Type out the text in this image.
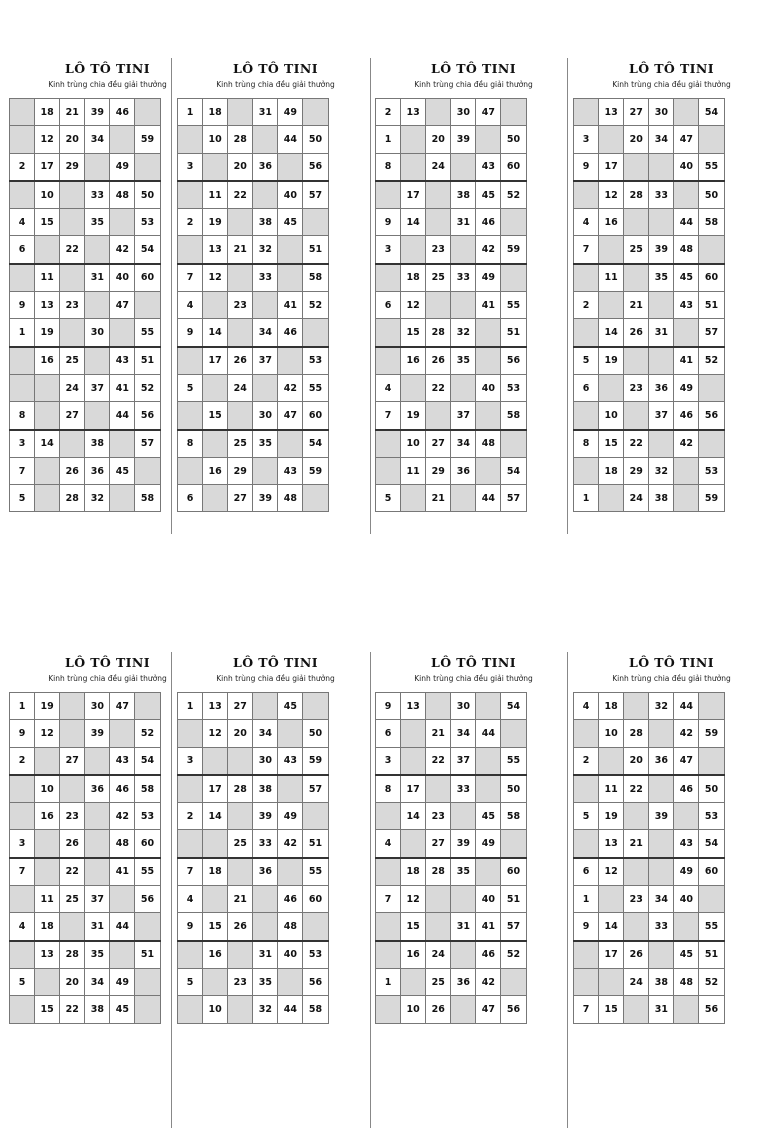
LÔ TÔ TINI
Kinh trùng chia đều giải thưởng
	18	21	39	46	
	12	20	34		59
2	17	29		49	
	10		33	48	50
4	15		35		53
6		22		42	54
	11		31	40	60
9	13	23		47	
1	19		30		55
	16	25		43	51
		24	37	41	52
8		27		44	56
3	14		38		57
7		26	36	45	
5		28	32		58
LÔ TÔ TINI
Kinh trùng chia đều giải thưởng
1	18		31	49	
	10	28		44	50
3		20	36		56
	11	22		40	57
2	19		38	45	
	13	21	32		51
7	12		33		58
4		23		41	52
9	14		34	46	
	17	26	37		53
5		24		42	55
	15		30	47	60
8		25	35		54
	16	29		43	59
6		27	39	48	
LÔ TÔ TINI
Kinh trùng chia đều giải thưởng
2	13		30	47	
1		20	39		50
8		24		43	60
	17		38	45	52
9	14		31	46	
3		23		42	59
	18	25	33	49	
6	12			41	55
	15	28	32		51
	16	26	35		56
4		22		40	53
7	19		37		58
	10	27	34	48	
	11	29	36		54
5		21		44	57
LÔ TÔ TINI
Kinh trùng chia đều giải thưởng
	13	27	30		54
3		20	34	47	
9	17			40	55
	12	28	33		50
4	16			44	58
7		25	39	48	
	11		35	45	60
2		21		43	51
	14	26	31		57
5	19			41	52
6		23	36	49	
	10		37	46	56
8	15	22		42	
	18	29	32		53
1		24	38		59
LÔ TÔ TINI
Kinh trùng chia đều giải thưởng
1	19		30	47	
9	12		39		52
2		27		43	54
	10		36	46	58
	16	23		42	53
3		26		48	60
7		22		41	55
	11	25	37		56
4	18		31	44	
	13	28	35		51
5		20	34	49	
	15	22	38	45	
LÔ TÔ TINI
Kinh trùng chia đều giải thưởng
1	13	27		45	
	12	20	34		50
3			30	43	59
	17	28	38		57
2	14		39	49	
		25	33	42	51
7	18		36		55
4		21		46	60
9	15	26		48	
	16		31	40	53
5		23	35		56
	10		32	44	58
LÔ TÔ TINI
Kinh trùng chia đều giải thưởng
9	13		30		54
6		21	34	44	
3		22	37		55
8	17		33		50
	14	23		45	58
4		27	39	49	
	18	28	35		60
7	12			40	51
	15		31	41	57
	16	24		46	52
1		25	36	42	
	10	26		47	56
LÔ TÔ TINI
Kinh trùng chia đều giải thưởng
4	18		32	44	
	10	28		42	59
2		20	36	47	
	11	22		46	50
5	19		39		53
	13	21		43	54
6	12			49	60
1		23	34	40	
9	14		33		55
	17	26		45	51
		24	38	48	52
7	15		31		56
